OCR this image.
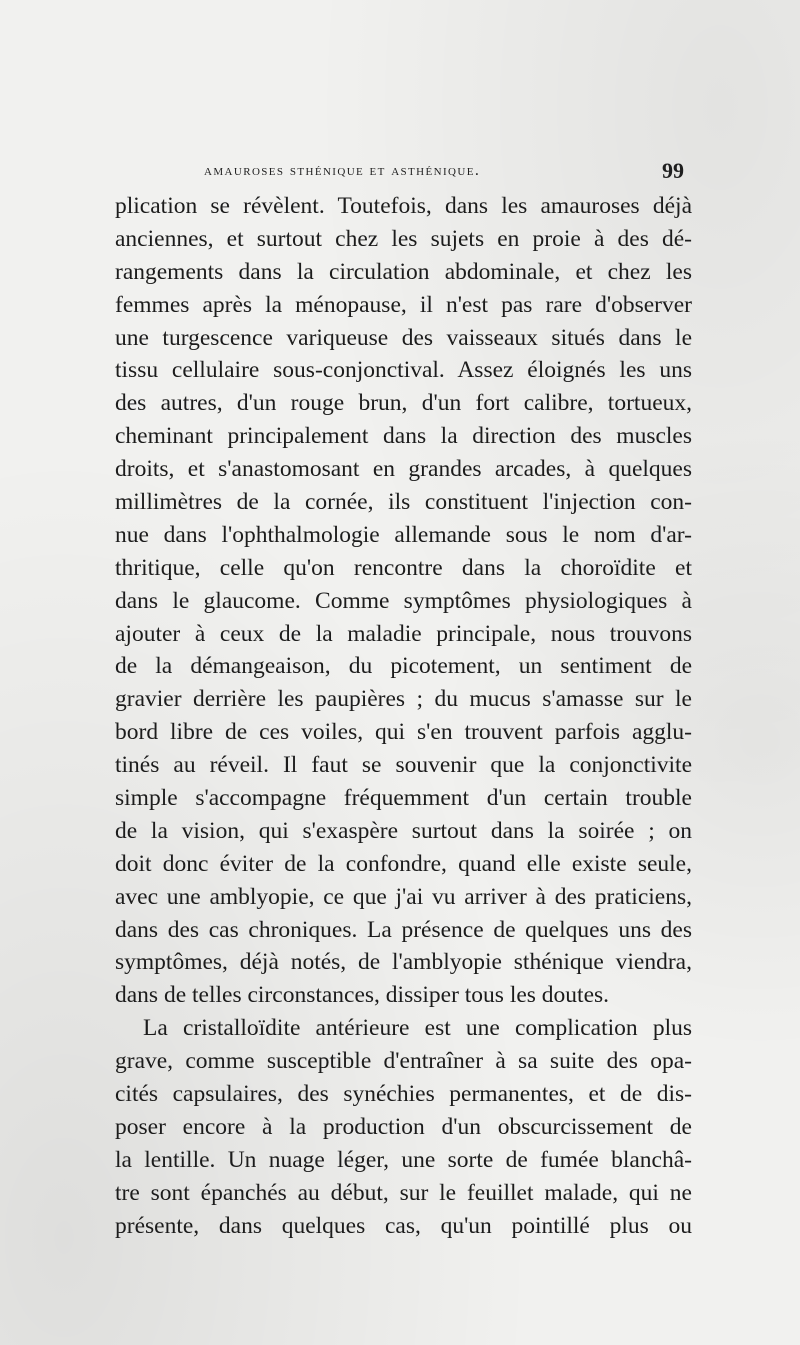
amauroses sthénique et asthénique.	99
plication se révèlent. Toutefois, dans les amauroses déjà
anciennes, et surtout chez les sujets en proie à des dé-
rangements dans la circulation abdominale, et chez les
femmes après la ménopause, il n'est pas rare d'observer
une turgescence variqueuse des vaisseaux situés dans le
tissu cellulaire sous-conjonctival. Assez éloignés les uns
des autres, d'un rouge brun, d'un fort calibre, tortueux,
cheminant principalement dans la direction des muscles
droits, et s'anastomosant en grandes arcades, à quelques
millimètres de la cornée, ils constituent l'injection con-
nue dans l'ophthalmologie allemande sous le nom d'ar-
thritique, celle qu'on rencontre dans la choroïdite et
dans le glaucome. Comme symptômes physiologiques à
ajouter à ceux de la maladie principale, nous trouvons
de la démangeaison, du picotement, un sentiment de
gravier derrière les paupières ; du mucus s'amasse sur le
bord libre de ces voiles, qui s'en trouvent parfois agglu-
tinés au réveil. Il faut se souvenir que la conjonctivite
simple s'accompagne fréquemment d'un certain trouble
de la vision, qui s'exaspère surtout dans la soirée ; on
doit donc éviter de la confondre, quand elle existe seule,
avec une amblyopie, ce que j'ai vu arriver à des praticiens,
dans des cas chroniques. La présence de quelques uns des
symptômes, déjà notés, de l'amblyopie sthénique viendra,
dans de telles circonstances, dissiper tous les doutes.
La cristalloïdite antérieure est une complication plus
grave, comme susceptible d'entraîner à sa suite des opa-
cités capsulaires, des synéchies permanentes, et de dis-
poser encore à la production d'un obscurcissement de
la lentille. Un nuage léger, une sorte de fumée blanchâ-
tre sont épanchés au début, sur le feuillet malade, qui ne
présente, dans quelques cas, qu'un pointillé plus ou
